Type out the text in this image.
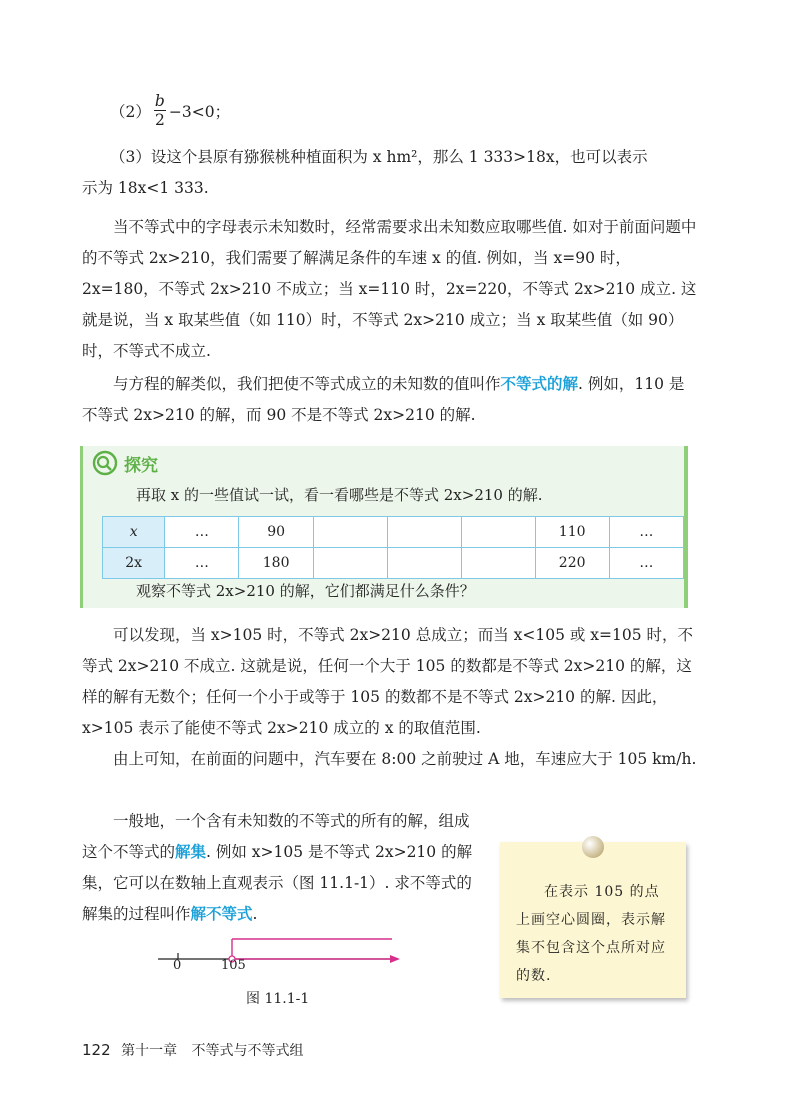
（2）
b
2 −3<0；
（3）设这个县原有猕猴桃种植面积为 x hm²，那么 1 333>18x，也可以表示
示为 18x<1 333.
当不等式中的字母表示未知数时，经常需要求出未知数应取哪些值. 如对于前面问题中的不等式 2x>210，我们需要了解满足条件的车速 x 的值. 例如，当 x=90 时，2x=180，不等式 2x>210 不成立；当 x=110 时，2x=220，不等式 2x>210 成立. 这就是说，当 x 取某些值（如 110）时，不等式 2x>210 成立；当 x 取某些值（如 90）时，不等式不成立.
与方程的解类似，我们把使不等式成立的未知数的值叫作不等式的解. 例如，110 是不等式 2x>210 的解，而 90 不是不等式 2x>210 的解.
探究
再取 x 的一些值试一试，看一看哪些是不等式 2x>210 的解.
x	…	90				110	…
2x	…	180				220	…
观察不等式 2x>210 的解，它们都满足什么条件？
可以发现，当 x>105 时，不等式 2x>210 总成立；而当 x<105 或 x=105 时，不等式 2x>210 不成立. 这就是说，任何一个大于 105 的数都是不等式 2x>210 的解，这样的解有无数个；任何一个小于或等于 105 的数都不是不等式 2x>210 的解. 因此，x>105 表示了能使不等式 2x>210 成立的 x 的取值范围.
由上可知，在前面的问题中，汽车要在 8:00 之前驶过 A 地，车速应大于 105 km/h.
一般地，一个含有未知数的不等式的所有的解，组成这个不等式的解集. 例如 x>105 是不等式 2x>210 的解集，它可以在数轴上直观表示（图 11.1-1）. 求不等式的解集的过程叫作解不等式.
0	105
图 11.1-1
在表示 105 的点上画空心圆圈，表示解集不包含这个点所对应的数.
122 第十一章 不等式与不等式组
